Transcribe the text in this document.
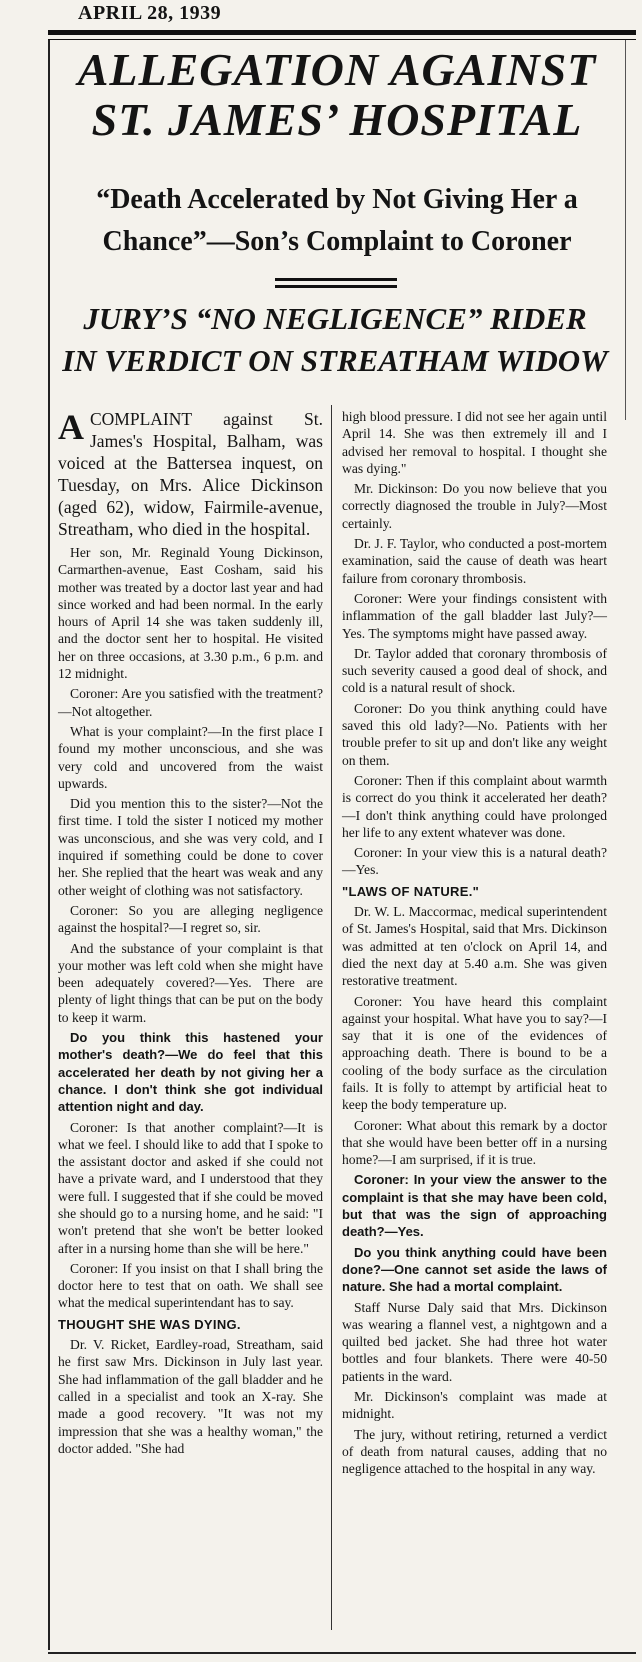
APRIL 28, 1939
ALLEGATION AGAINST
ST. JAMES’ HOSPITAL
“Death Accelerated by Not Giving Her a
Chance”—Son’s Complaint to Coroner
JURY’S “NO NEGLIGENCE” RIDER
IN VERDICT ON STREATHAM WIDOW

A COMPLAINT against St. James's Hospital, Balham, was voiced at the Battersea inquest, on Tuesday, on Mrs. Alice Dickinson (aged 62), widow, Fairmile-avenue, Streatham, who died in the hospital.

Her son, Mr. Reginald Young Dickinson, Carmarthen-avenue, East Cosham, said his mother was treated by a doctor last year and had since worked and had been normal. In the early hours of April 14 she was taken suddenly ill, and the doctor sent her to hospital. He visited her on three occasions, at 3.30 p.m., 6 p.m. and 12 midnight.

Coroner: Are you satisfied with the treatment?—Not altogether.

What is your complaint?—In the first place I found my mother unconscious, and she was very cold and uncovered from the waist upwards.

Did you mention this to the sister?—Not the first time. I told the sister I noticed my mother was unconscious, and she was very cold, and I inquired if something could be done to cover her. She replied that the heart was weak and any other weight of clothing was not satisfactory.

Coroner: So you are alleging negligence against the hospital?—I regret so, sir.

And the substance of your complaint is that your mother was left cold when she might have been adequately covered?—Yes. There are plenty of light things that can be put on the body to keep it warm.

Do you think this hastened your mother's death?—We do feel that this accelerated her death by not giving her a chance. I don't think she got individual attention night and day.

Coroner: Is that another complaint?—It is what we feel. I should like to add that I spoke to the assistant doctor and asked if she could not have a private ward, and I understood that they were full. I suggested that if she could be moved she should go to a nursing home, and he said: "I won't pretend that she won't be better looked after in a nursing home than she will be here."

Coroner: If you insist on that I shall bring the doctor here to test that on oath. We shall see what the medical superintendant has to say.

THOUGHT SHE WAS DYING.

Dr. V. Ricket, Eardley-road, Streatham, said he first saw Mrs. Dickinson in July last year. She had inflammation of the gall bladder and he called in a specialist and took an X-ray. She made a good recovery. "It was not my impression that she was a healthy woman," the doctor added. "She had

high blood pressure. I did not see her again until April 14. She was then extremely ill and I advised her removal to hospital. I thought she was dying."

Mr. Dickinson: Do you now believe that you correctly diagnosed the trouble in July?—Most certainly.

Dr. J. F. Taylor, who conducted a post-mortem examination, said the cause of death was heart failure from coronary thrombosis.

Coroner: Were your findings consistent with inflammation of the gall bladder last July?—Yes. The symptoms might have passed away.

Dr. Taylor added that coronary thrombosis of such severity caused a good deal of shock, and cold is a natural result of shock.

Coroner: Do you think anything could have saved this old lady?—No. Patients with her trouble prefer to sit up and don't like any weight on them.

Coroner: Then if this complaint about warmth is correct do you think it accelerated her death?—I don't think anything could have prolonged her life to any extent whatever was done.

Coroner: In your view this is a natural death?—Yes.

"LAWS OF NATURE."

Dr. W. L. Maccormac, medical superintendent of St. James's Hospital, said that Mrs. Dickinson was admitted at ten o'clock on April 14, and died the next day at 5.40 a.m. She was given restorative treatment.

Coroner: You have heard this complaint against your hospital. What have you to say?—I say that it is one of the evidences of approaching death. There is bound to be a cooling of the body surface as the circulation fails. It is folly to attempt by artificial heat to keep the body temperature up.

Coroner: What about this remark by a doctor that she would have been better off in a nursing home?—I am surprised, if it is true.

Coroner: In your view the answer to the complaint is that she may have been cold, but that was the sign of approaching death?—Yes.

Do you think anything could have been done?—One cannot set aside the laws of nature. She had a mortal complaint.

Staff Nurse Daly said that Mrs. Dickinson was wearing a flannel vest, a nightgown and a quilted bed jacket. She had three hot water bottles and four blankets. There were 40-50 patients in the ward.

Mr. Dickinson's complaint was made at midnight.

The jury, without retiring, returned a verdict of death from natural causes, adding that no negligence attached to the hospital in any way.
